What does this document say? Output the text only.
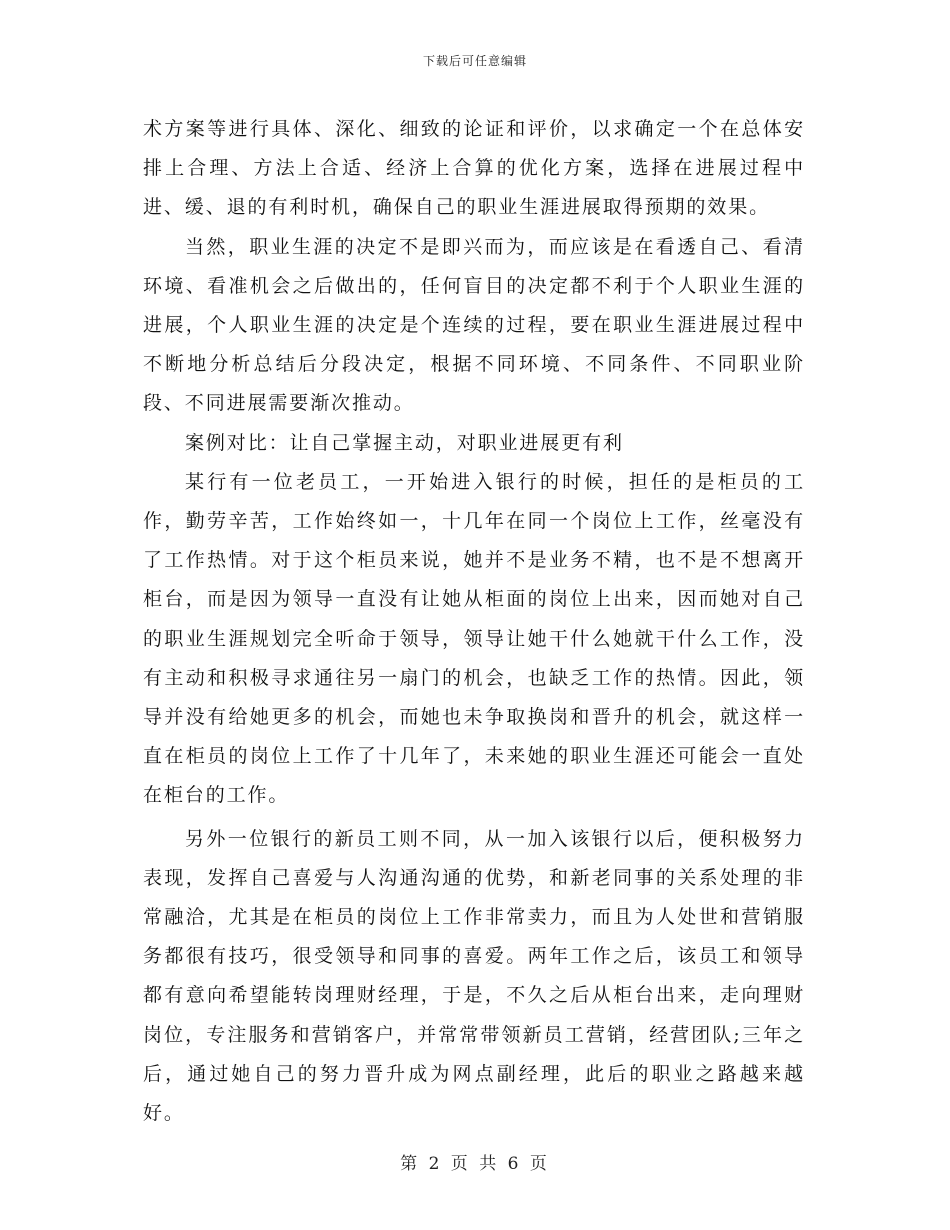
下载后可任意编辑

术方案等进行具体、深化、细致的论证和评价，以求确定一个在总体安排上合理、方法上合适、经济上合算的优化方案，选择在进展过程中进、缓、退的有利时机，确保自己的职业生涯进展取得预期的效果。

当然，职业生涯的决定不是即兴而为，而应该是在看透自己、看清环境、看准机会之后做出的，任何盲目的决定都不利于个人职业生涯的进展，个人职业生涯的决定是个连续的过程，要在职业生涯进展过程中不断地分析总结后分段决定，根据不同环境、不同条件、不同职业阶段、不同进展需要渐次推动。

案例对比：让自己掌握主动，对职业进展更有利

某行有一位老员工，一开始进入银行的时候，担任的是柜员的工作，勤劳辛苦，工作始终如一，十几年在同一个岗位上工作，丝毫没有了工作热情。对于这个柜员来说，她并不是业务不精，也不是不想离开柜台，而是因为领导一直没有让她从柜面的岗位上出来，因而她对自己的职业生涯规划完全听命于领导，领导让她干什么她就干什么工作，没有主动和积极寻求通往另一扇门的机会，也缺乏工作的热情。因此，领导并没有给她更多的机会，而她也未争取换岗和晋升的机会，就这样一直在柜员的岗位上工作了十几年了，未来她的职业生涯还可能会一直处在柜台的工作。

另外一位银行的新员工则不同，从一加入该银行以后，便积极努力表现，发挥自己喜爱与人沟通沟通的优势，和新老同事的关系处理的非常融洽，尤其是在柜员的岗位上工作非常卖力，而且为人处世和营销服务都很有技巧，很受领导和同事的喜爱。两年工作之后，该员工和领导都有意向希望能转岗理财经理，于是，不久之后从柜台出来，走向理财岗位，专注服务和营销客户，并常常带领新员工营销，经营团队;三年之后，通过她自己的努力晋升成为网点副经理，此后的职业之路越来越好。

第 2 页 共 6 页
